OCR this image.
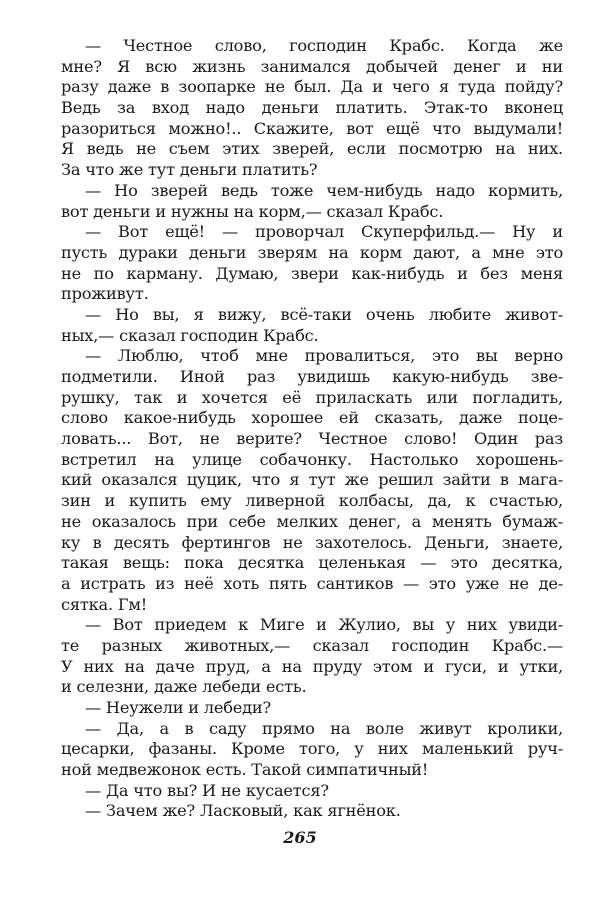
— Честное слово, господин Крабс. Когда же
мне? Я всю жизнь занимался добычей денег и ни
разу даже в зоопарке не был. Да и чего я туда пойду?
Ведь за вход надо деньги платить. Этак-то вконец
разориться можно!.. Скажите, вот ещё что выдумали!
Я ведь не съем этих зверей, если посмотрю на них.
За что же тут деньги платить?
— Но зверей ведь тоже чем-нибудь надо кормить,
вот деньги и нужны на корм,— сказал Крабс.
— Вот ещё! — проворчал Скуперфильд.— Ну и
пусть дураки деньги зверям на корм дают, а мне это
не по карману. Думаю, звери как-нибудь и без меня
проживут.
— Но вы, я вижу, всё-таки очень любите живот-
ных,— сказал господин Крабс.
— Люблю, чтоб мне провалиться, это вы верно
подметили. Иной раз увидишь какую-нибудь зве-
рушку, так и хочется её приласкать или погладить,
слово какое-нибудь хорошее ей сказать, даже поце-
ловать... Вот, не верите? Честное слово! Один раз
встретил на улице собачонку. Настолько хорошень-
кий оказался цуцик, что я тут же решил зайти в мага-
зин и купить ему ливерной колбасы, да, к счастью,
не оказалось при себе мелких денег, а менять бумаж-
ку в десять фертингов не захотелось. Деньги, знаете,
такая вещь: пока десятка целенькая — это десятка,
а истрать из неё хоть пять сантиков — это уже не де-
сятка. Гм!
— Вот приедем к Миге и Жулио, вы у них увиди-
те разных животных,— сказал господин Крабс.—
У них на даче пруд, а на пруду этом и гуси, и утки,
и селезни, даже лебеди есть.
— Неужели и лебеди?
— Да, а в саду прямо на воле живут кролики,
цесарки, фазаны. Кроме того, у них маленький руч-
ной медвежонок есть. Такой симпатичный!
— Да что вы? И не кусается?
— Зачем же? Ласковый, как ягнёнок.
265
